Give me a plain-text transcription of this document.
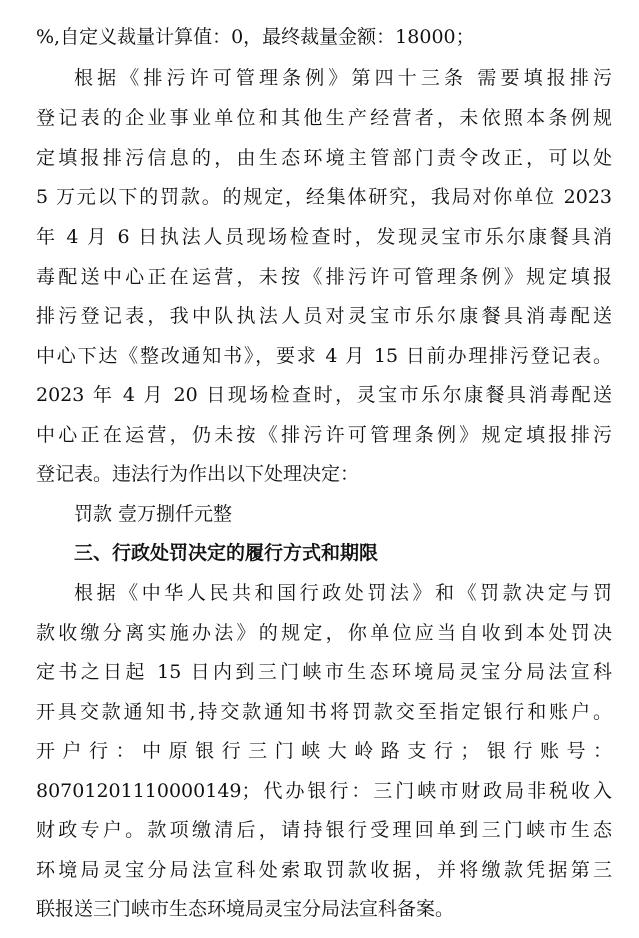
%,自定义裁量计算值：0，最终裁量金额：18000；
根据《排污许可管理条例》第四十三条 需要填报排污
登记表的企业事业单位和其他生产经营者，未依照本条例规
定填报排污信息的，由生态环境主管部门责令改正，可以处
5 万元以下的罚款。的规定，经集体研究，我局对你单位 2023
年 4 月 6 日执法人员现场检查时，发现灵宝市乐尔康餐具消
毒配送中心正在运营，未按《排污许可管理条例》规定填报
排污登记表，我中队执法人员对灵宝市乐尔康餐具消毒配送
中心下达《整改通知书》，要求 4 月 15 日前办理排污登记表。
2023 年 4 月 20 日现场检查时，灵宝市乐尔康餐具消毒配送
中心正在运营，仍未按《排污许可管理条例》规定填报排污
登记表。违法行为作出以下处理决定：
罚款 壹万捌仟元整
三、行政处罚决定的履行方式和期限
根据《中华人民共和国行政处罚法》和《罚款决定与罚
款收缴分离实施办法》的规定，你单位应当自收到本处罚决
定书之日起 15 日内到三门峡市生态环境局灵宝分局法宣科
开具交款通知书,持交款通知书将罚款交至指定银行和账户。
开户行：中原银行三门峡大岭路支行；银行账号：
80701201110000149；代办银行：三门峡市财政局非税收入
财政专户。款项缴清后，请持银行受理回单到三门峡市生态
环境局灵宝分局法宣科处索取罚款收据，并将缴款凭据第三
联报送三门峡市生态环境局灵宝分局法宣科备案。
